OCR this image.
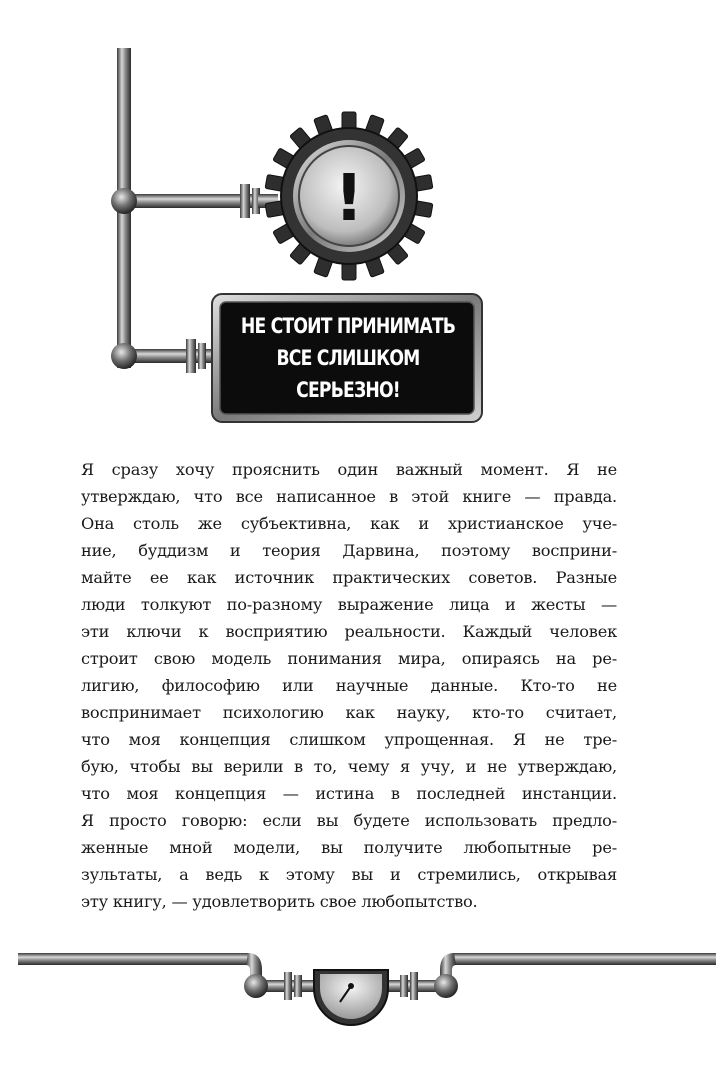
!
НЕ СТОИТ ПРИНИМАТЬ
ВСЕ СЛИШКОМ
СЕРЬЕЗНО!
Я сразу хочу прояснить один важный момент. Я не
утверждаю, что все написанное в этой книге — правда.
Она столь же субъективна, как и христианское уче-
ние, буддизм и теория Дарвина, поэтому восприни-
майте ее как источник практических советов. Разные
люди толкуют по-разному выражение лица и жесты —
эти ключи к восприятию реальности. Каждый человек
строит свою модель понимания мира, опираясь на ре-
лигию, философию или научные данные. Кто-то не
воспринимает психологию как науку, кто-то считает,
что моя концепция слишком упрощенная. Я не тре-
бую, чтобы вы верили в то, чему я учу, и не утверждаю,
что моя концепция — истина в последней инстанции.
Я просто говорю: если вы будете использовать предло-
женные мной модели, вы получите любопытные ре-
зультаты, а ведь к этому вы и стремились, открывая
эту книгу, — удовлетворить свое любопытство.
